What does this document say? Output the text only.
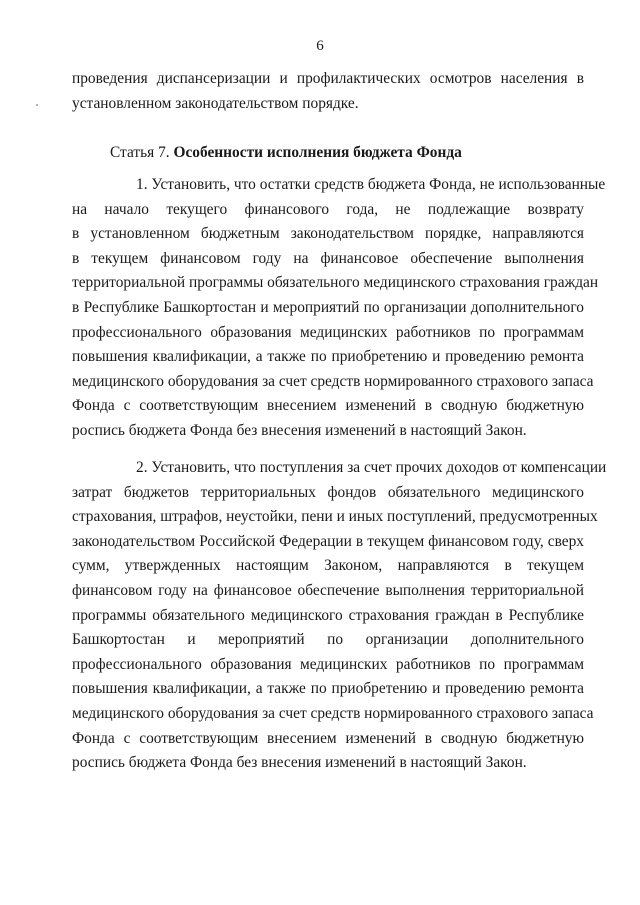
6
проведения диспансеризации и профилактических осмотров населения в
установленном законодательством порядке.
Статья 7. Особенности исполнения бюджета Фонда
1. Установить, что остатки средств бюджета Фонда, не использованные
на начало текущего финансового года, не подлежащие возврату
в установленном бюджетным законодательством порядке, направляются
в текущем финансовом году на финансовое обеспечение выполнения
территориальной программы обязательного медицинского страхования граждан
в Республике Башкортостан и мероприятий по организации дополнительного
профессионального образования медицинских работников по программам
повышения квалификации, а также по приобретению и проведению ремонта
медицинского оборудования за счет средств нормированного страхового запаса
Фонда с соответствующим внесением изменений в сводную бюджетную
роспись бюджета Фонда без внесения изменений в настоящий Закон.
2. Установить, что поступления за счет прочих доходов от компенсации
затрат бюджетов территориальных фондов обязательного медицинского
страхования, штрафов, неустойки, пени и иных поступлений, предусмотренных
законодательством Российской Федерации в текущем финансовом году, сверх
сумм, утвержденных настоящим Законом, направляются в текущем
финансовом году на финансовое обеспечение выполнения территориальной
программы обязательного медицинского страхования граждан в Республике
Башкортостан и мероприятий по организации дополнительного
профессионального образования медицинских работников по программам
повышения квалификации, а также по приобретению и проведению ремонта
медицинского оборудования за счет средств нормированного страхового запаса
Фонда с соответствующим внесением изменений в сводную бюджетную
роспись бюджета Фонда без внесения изменений в настоящий Закон.
